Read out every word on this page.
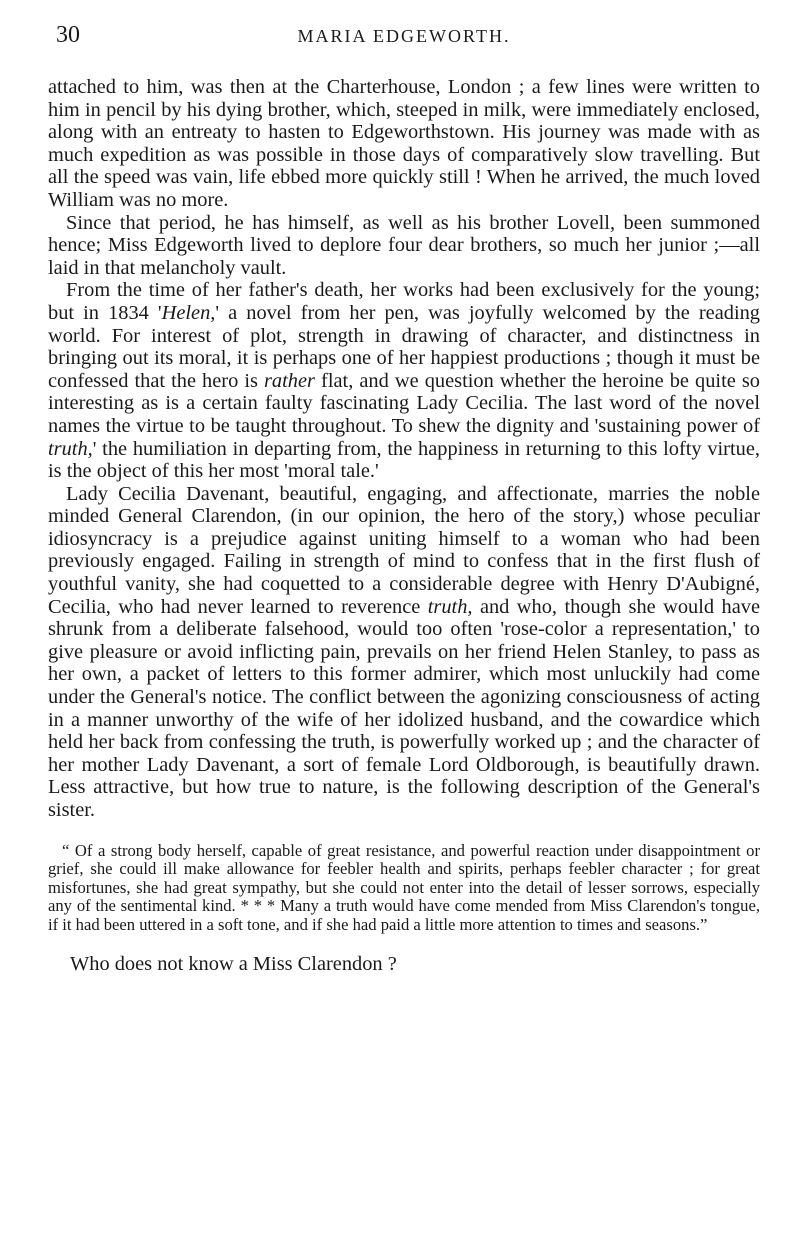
30	MARIA EDGEWORTH.

attached to him, was then at the Charterhouse, London ; a few lines were written to him in pencil by his dying brother, which, steeped in milk, were immediately enclosed, along with an entreaty to hasten to Edgeworthstown. His journey was made with as much expedition as was possible in those days of comparatively slow travelling. But all the speed was vain, life ebbed more quickly still ! When he arrived, the much loved William was no more.

Since that period, he has himself, as well as his brother Lovell, been summoned hence; Miss Edgeworth lived to deplore four dear brothers, so much her junior ;—all laid in that melancholy vault.

From the time of her father's death, her works had been exclusively for the young; but in 1834 'Helen,' a novel from her pen, was joyfully welcomed by the reading world. For interest of plot, strength in drawing of character, and distinctness in bringing out its moral, it is perhaps one of her happiest productions ; though it must be confessed that the hero is rather flat, and we question whether the heroine be quite so interesting as is a certain faulty fascinating Lady Cecilia. The last word of the novel names the virtue to be taught throughout. To shew the dignity and 'sustaining power of truth,' the humiliation in departing from, the happiness in returning to this lofty virtue, is the object of this her most 'moral tale.'

Lady Cecilia Davenant, beautiful, engaging, and affectionate, marries the noble minded General Clarendon, (in our opinion, the hero of the story,) whose peculiar idiosyncracy is a prejudice against uniting himself to a woman who had been previously engaged. Failing in strength of mind to confess that in the first flush of youthful vanity, she had coquetted to a considerable degree with Henry D'Aubigné, Cecilia, who had never learned to reverence truth, and who, though she would have shrunk from a deliberate falsehood, would too often 'rose-color a representation,' to give pleasure or avoid inflicting pain, prevails on her friend Helen Stanley, to pass as her own, a packet of letters to this former admirer, which most unluckily had come under the General's notice. The conflict between the agonizing consciousness of acting in a manner unworthy of the wife of her idolized husband, and the cowardice which held her back from confessing the truth, is powerfully worked up ; and the character of her mother Lady Davenant, a sort of female Lord Oldborough, is beautifully drawn. Less attractive, but how true to nature, is the following description of the General's sister.

“ Of a strong body herself, capable of great resistance, and powerful reaction under disappointment or grief, she could ill make allowance for feebler health and spirits, perhaps feebler character ; for great misfortunes, she had great sympathy, but she could not enter into the detail of lesser sorrows, especially any of the sentimental kind. * * * Many a truth would have come mended from Miss Clarendon's tongue, if it had been uttered in a soft tone, and if she had paid a little more attention to times and seasons.”
Who does not know a Miss Clarendon ?
